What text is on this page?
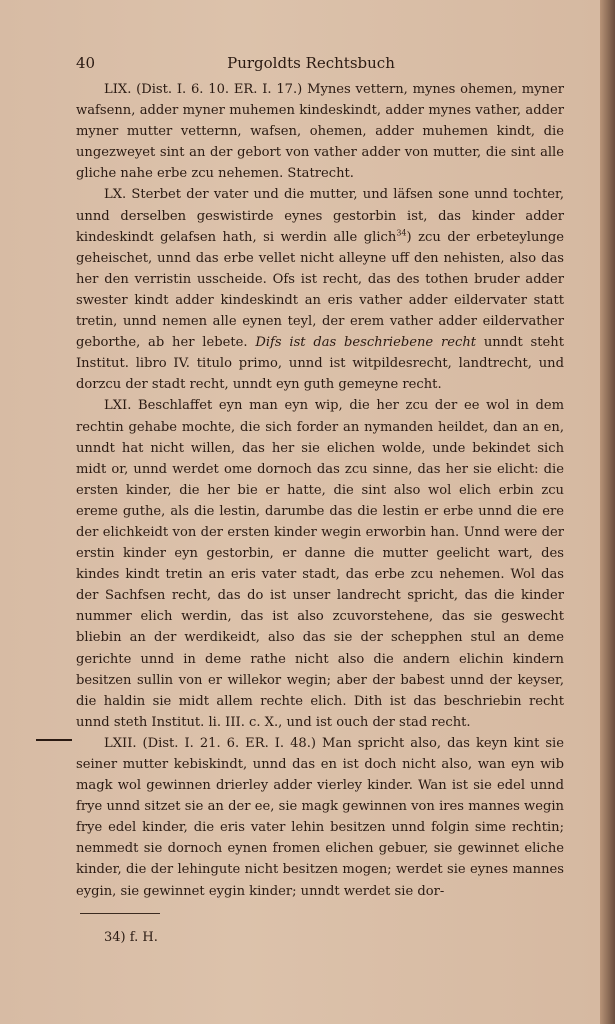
40	Purgoldts Rechtsbuch
LIX. (Dist. I. 6. 10. ER. I. 17.) Mynes vettern, mynes ohemen, myner wafsenn, adder myner muhemen kindeskindt, adder mynes vather, adder myner mutter vetternn, wafsen, ohemen, adder muhemen kindt, die ungezweyet sint an der gebort von vather adder von mutter, die sint alle gliche nahe erbe zcu nehemen. Statrecht.
LX. Sterbet der vater und die mutter, und läfsen sone unnd tochter, unnd derselben geswistirde eynes gestorbin ist, das kinder adder kindeskindt gelafsen hath, si werdin alle glich$^{34}$) zcu der erbeteylunge geheischet, unnd das erbe vellet nicht alleyne uff den nehisten, also das her den verristin usscheide. Ofs ist recht, das des tothen bruder adder swester kindt adder kindeskindt an eris vather adder eildervater statt tretin, unnd nemen alle eynen teyl, der erem vather adder eildervather geborthe, ab her lebete. Difs ist das beschriebene recht unndt steht Institut. libro IV. titulo primo, unnd ist witpildesrecht, landtrecht, und dorzcu der stadt recht, unndt eyn guth gemeyne recht.
LXI. Beschlaffet eyn man eyn wip, die her zcu der ee wol in dem rechtin gehabe mochte, die sich forder an nymanden heildet, dan an en, unndt hat nicht willen, das her sie elichen wolde, unde bekindet sich midt or, unnd werdet ome dornoch das zcu sinne, das her sie elicht: die ersten kinder, die her bie er hatte, die sint also wol elich erbin zcu ereme guthe, als die lestin, darumbe das die lestin er erbe unnd die ere der elichkeidt von der ersten kinder wegin erworbin han. Unnd were der erstin kinder eyn gestorbin, er danne die mutter geelicht wart, des kindes kindt tretin an eris vater stadt, das erbe zcu nehemen. Wol das der Sachfsen recht, das do ist unser landrecht spricht, das die kinder nummer elich werdin, das ist also zcuvorstehene, das sie geswecht bliebin an der werdikeidt, also das sie der schepphen stul an deme gerichte unnd in deme rathe nicht also die andern elichin kindern besitzen sullin von er willekor wegin; aber der babest unnd der keyser, die haldin sie midt allem rechte elich. Dith ist das beschriebin recht unnd steth Institut. li. III. c. X., und ist ouch der stad recht.
LXII. (Dist. I. 21. 6. ER. I. 48.) Man spricht also, das keyn kint sie seiner mutter kebiskindt, unnd das en ist doch nicht also, wan eyn wib magk wol gewinnen drierley adder vierley kinder. Wan ist sie edel unnd frye unnd sitzet sie an der ee, sie magk gewinnen von ires mannes wegin frye edel kinder, die eris vater lehin besitzen unnd folgin sime rechtin; nemmedt sie dornoch eynen fromen elichen gebuer, sie gewinnet eliche kinder, die der lehingute nicht besitzen mogen; werdet sie eynes mannes eygin, sie gewinnet eygin kinder; unndt werdet sie dor-
34) f. H.
